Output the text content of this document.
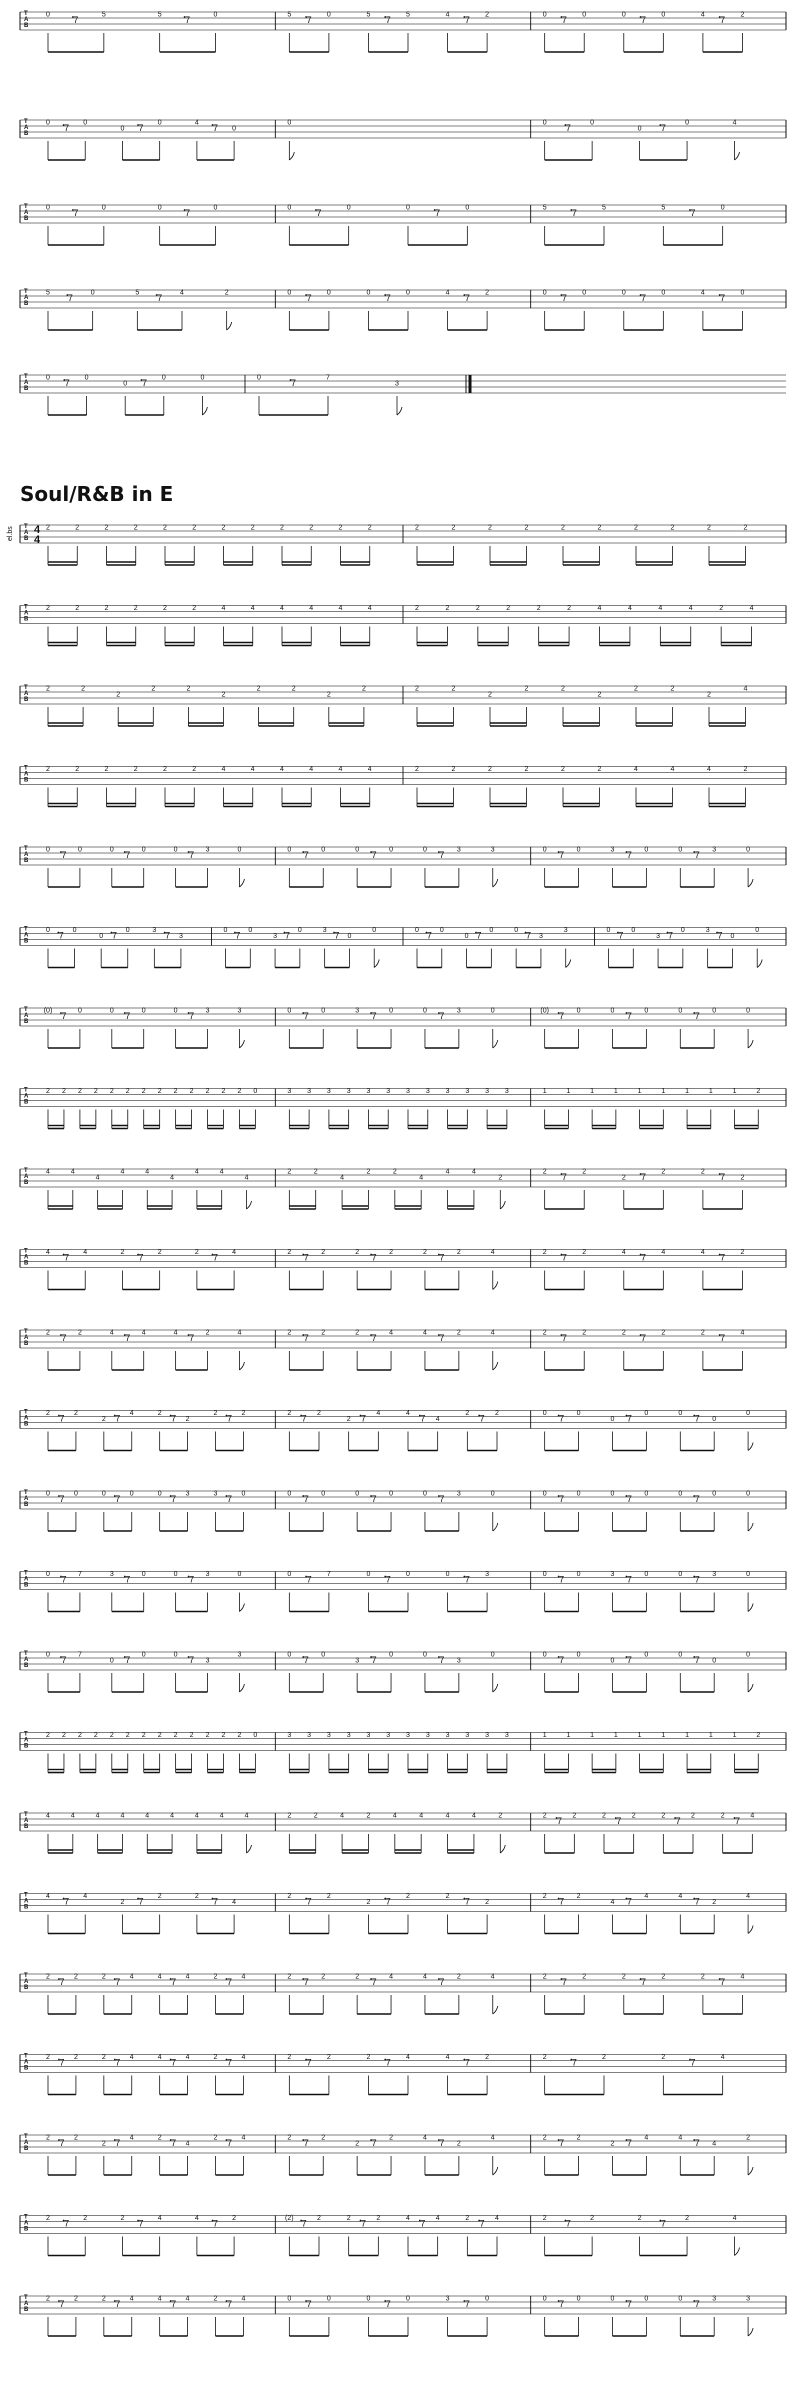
Soul/R&B in E
T
A
B
0	7	5	5	7	0	5 7 0	5 7 5	4 7 2	0 7 0	0 7 0	4 7 2
T
A
B
0 7 0
0 7 0	4 7 0
0	0 7	0
0 7	0	4
T
A
B
0	7	0	0	7	0	0	7	0	0	7	0	5	7	5	5	7	0
T
A
B
5 7	0	5 7	4	2	0 7 0	0 7 0	4 7 2	0 7 0	0 7 0	4 7 0
T
A
B
0 7 0
0 7 0	0	0	7	7
3
T
A
B
el.bs 4
4
2	2	2	2	2	2	2	2	2	2	2	2	2	2	2	2	2	2	2	2	2	2
T
A
B
2	2	2	2	2	2	4	4	4	4	4	4	2	2	2	2	2	2	4	4	4	4	2	4
T
A
B
2	2
2
2	2
2
2	2
2
2	2	2
2
2	2
2
2	2
2
4
T
A
B
2	2	2	2	2	2	4	4	4	4	4	4	2	2	2	2	2	2	4	4	4	2
T
A
B
0 7 0	0 7 0	0 7 3	0	0 7 0	0 7 0	0 7 3	3	0 7 0	3 7 0	0 7 3	0
T
A
B
0 7 0
0 7 0	3 7 3
0 7 0
3 7 0	3 7 0
0	0 7 0
0 7 0	0 7 3
3	0 7 0
3 7 0	3 7 0
0
T
A
B
(0) 7 0	0 7 0	0 7 3	3	0 7 0	3 7 0	0 7 3	0	(0) 7 0	0 7 0	0 7 0	0
T
A
B
2 2 2 2 2 2 2 2 2 2 2 2 2 0	3 3 3 3 3 3 3 3 3 3 3 3	1	1	1	1	1	1	1	1	1	2
T
A
B
4	4
4
4	4
4
4	4
4
2	2
4
2	2
4
4	4
2
2 7 2
2 7 2	2 7 2
T
A
B
4 7 4	2 7 2	2 7 4	2 7 2	2 7 2	2 7 2	4	2 7 2	4 7 4	4 7 2
T
A
B
2 7 2	4 7 4	4 7 2	4	2 7 2	2 7 4	4 7 2	4	2 7 2	2 7 2	2 7 4
T
A
B
2 7 2
2 7 4	2 7 2
2 7 2	2 7 2
2 7 4	4 7 4
2 7 2	0 7 0
0 7 0	0 7 0
0
T
A
B
0 7 0	0 7 0	0 7 3	3 7 0	0 7 0	0 7 0	0 7 3	0	0 7 0	0 7 0	0 7 0	0
T
A
B
0 7 7	3 7 0	0 7 3	0	0 7 7	0 7 0	0 7 3	0 7 0	3 7 0	0 7 3	0
T
A
B
0 7 7
0 7 0	0 7 3
3	0 7 0
3 7 0	0 7 3
0	0 7 0
0 7 0	0 7 0
0
T
A
B
2 2 2 2 2 2 2 2 2 2 2 2 2 0	3 3 3 3 3 3 3 3 3 3 3 3	1	1	1	1	1	1	1	1	1	2
T
A
B
4	4	4	4	4	4	4	4	4	2	2	4	2	4	4	4	4	2	2 7 2	2 7 2	2 7 2	2 7 4
T
A
B
4 7 4
2 7 2	2 7 4
2 7 2
2 7 2	2 7 2
2 7 2
4 7 4	4 7 2
4
T
A
B
2 7 2	2 7 4	4 7 4	2 7 4	2 7 2	2 7 4	4 7 2	4	2 7 2	2 7 2	2 7 4
T
A
B
2 7 2	2 7 4	4 7 4	2 7 4	2 7 2	2 7 4	4 7 2	2	7	2	2	7	4
T
A
B
2 7 2
2 7 4	2 7 4
2 7 4	2 7 2
2 7 2	4 7 2
4	2 7 2
2 7 4	4 7 4
2
T
A
B
2 7 2	2 7 4	4 7 2	(2) 7 2	2 7 2	4 7 4	2 7 4	2 7	2	2 7	2	4
T
A
B
2 7 2	2 7 4	4 7 4	2 7 4	0 7 0	0 7 0	3 7 0	0 7 0	0 7 0	0 7 3	3
